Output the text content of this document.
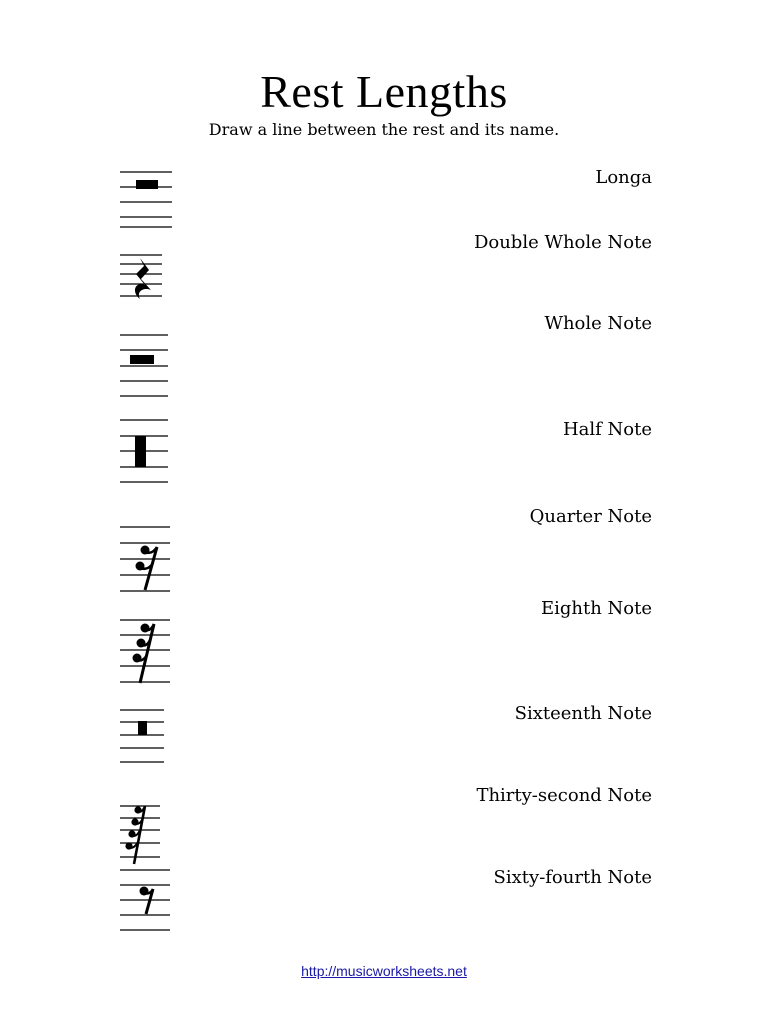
Rest Lengths
Draw a line between the rest and its name.
Longa
Double Whole Note
Whole Note
Half Note
Quarter Note
Eighth Note
Sixteenth Note
Thirty-second Note
Sixty-fourth Note
http://musicworksheets.net
